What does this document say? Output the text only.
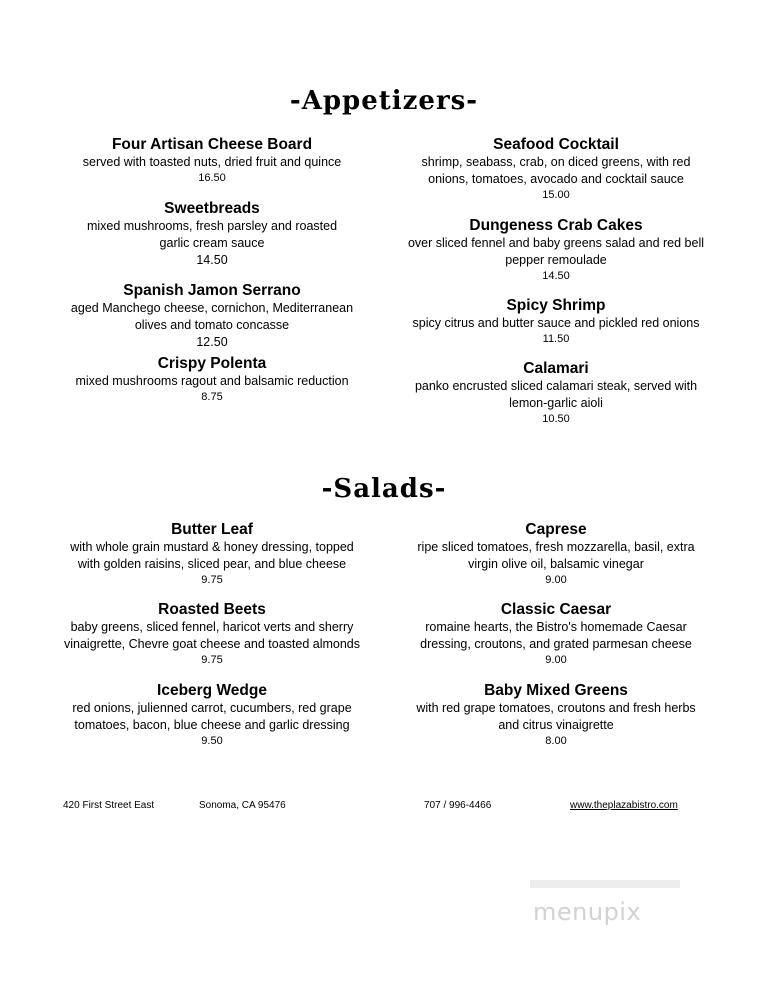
-Appetizers-
Four Artisan Cheese Board
served with toasted nuts, dried fruit and quince
16.50
Sweetbreads
mixed mushrooms, fresh parsley and roasted
garlic cream sauce
14.50
Spanish Jamon Serrano
aged Manchego cheese, cornichon, Mediterranean
olives and tomato concasse
12.50
Crispy Polenta
mixed mushrooms ragout and balsamic reduction
8.75
Seafood Cocktail
shrimp, seabass, crab, on diced greens, with red
onions, tomatoes, avocado and cocktail sauce
15.00
Dungeness Crab Cakes
over sliced fennel and baby greens salad and red bell
pepper remoulade
14.50
Spicy Shrimp
spicy citrus and butter sauce and pickled red onions
11.50
Calamari
panko encrusted sliced calamari steak, served with
lemon-garlic aioli
10.50
-Salads-
Butter Leaf
with whole grain mustard & honey dressing, topped
with golden raisins, sliced pear, and blue cheese
9.75
Roasted Beets
baby greens, sliced fennel, haricot verts and sherry
vinaigrette, Chevre goat cheese and toasted almonds
9.75
Iceberg Wedge
red onions, julienned carrot, cucumbers, red grape
tomatoes, bacon, blue cheese and garlic dressing
9.50
Caprese
ripe sliced tomatoes, fresh mozzarella, basil, extra
virgin olive oil, balsamic vinegar
9.00
Classic Caesar
romaine hearts, the Bistro's homemade Caesar
dressing, croutons, and grated parmesan cheese
9.00
Baby Mixed Greens
with red grape tomatoes, croutons and fresh herbs
and citrus vinaigrette
8.00
420 First Street East	Sonoma, CA 95476	707 / 996-4466	www.theplazabistro.com
menupix
